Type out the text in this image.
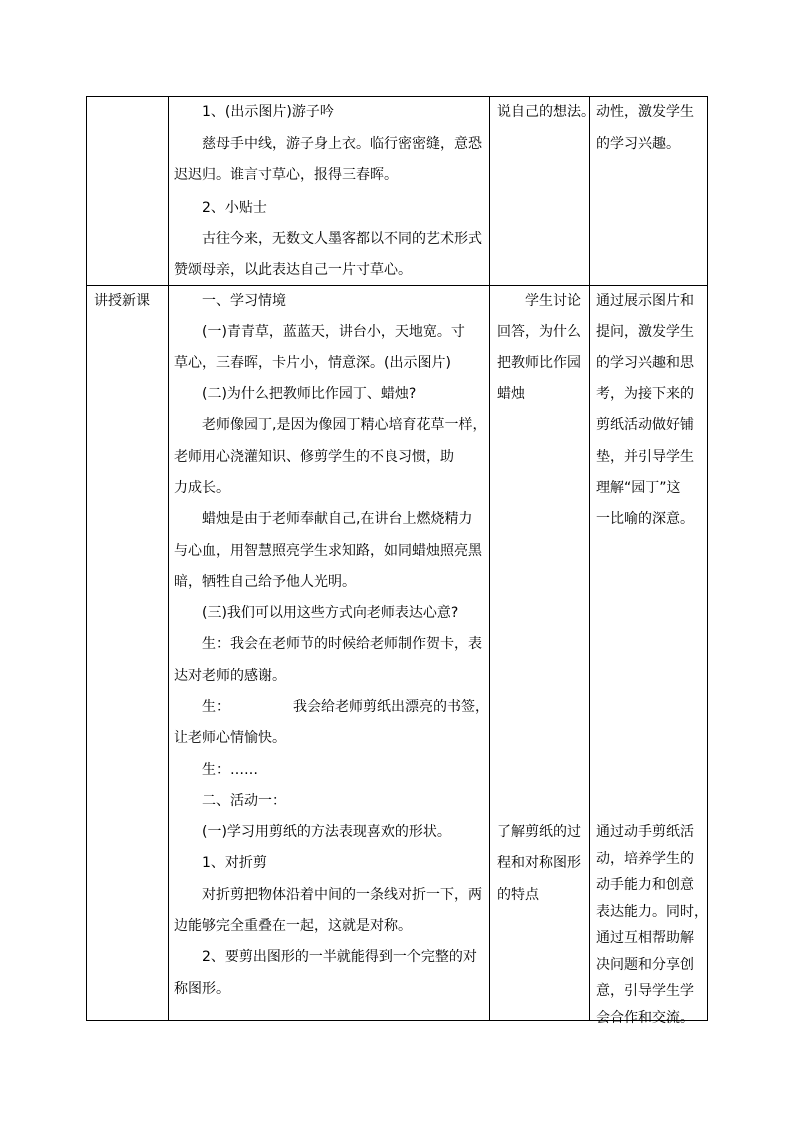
1、(出示图片)游子吟
慈母手中线，游子身上衣。临行密密缝，意恐
迟迟归。谁言寸草心，报得三春晖。
2、小贴士
古往今来，无数文人墨客都以不同的艺术形式
赞颂母亲，以此表达自己一片寸草心。
说自己的想法。 动性，激发学生
的学习兴趣。
讲授新课	一、学习情境
(一)青青草，蓝蓝天，讲台小，天地宽。寸
草心，三春晖，卡片小，情意深。(出示图片)
(二)为什么把教师比作园丁、蜡烛?
老师像园丁,是因为像园丁精心培育花草一样，
老师用心浇灌知识、修剪学生的不良习惯，助
力成长。
蜡烛是由于老师奉献自己,在讲台上燃烧精力
与心血，用智慧照亮学生求知路，如同蜡烛照亮黑
暗，牺牲自己给予他人光明。
(三)我们可以用这些方式向老师表达心意?
生：我会在老师节的时候给老师制作贺卡，表
达对老师的感谢。
生：	我会给老师剪纸出漂亮的书签，
让老师心情愉快。
生：……
二、活动一：
(一)学习用剪纸的方法表现喜欢的形状。
1、对折剪
对折剪把物体沿着中间的一条线对折一下，两
边能够完全重叠在一起，这就是对称。
2、要剪出图形的一半就能得到一个完整的对
称图形。
学生讨论
回答，为什么
把教师比作园
蜡烛
通过展示图片和
提问，激发学生
的学习兴趣和思
考，为接下来的
剪纸活动做好铺
垫，并引导学生
理解“园丁”这
一比喻的深意。
了解剪纸的过
程和对称图形
的特点
通过动手剪纸活
动，培养学生的
动手能力和创意
表达能力。同时，
通过互相帮助解
决问题和分享创
意，引导学生学
会合作和交流。
